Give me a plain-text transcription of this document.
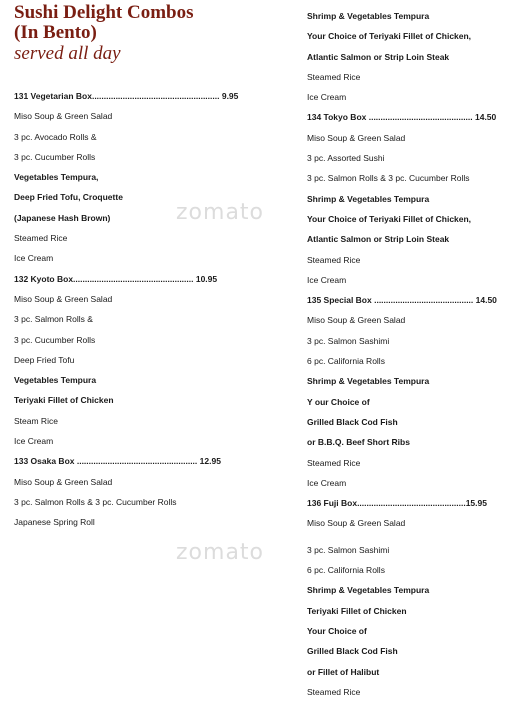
zomato
zomato
Sushi Delight Combos
(In Bento)
served all day
131 Vegetarian Box...................................................... 9.95
Miso Soup & Green Salad
3 pc. Avocado Rolls &
3 pc. Cucumber Rolls
Vegetables Tempura,
Deep Fried Tofu, Croquette
(Japanese Hash Brown)
Steamed Rice
Ice Cream
132 Kyoto Box................................................... 10.95
Miso Soup & Green Salad
3 pc. Salmon Rolls &
3 pc. Cucumber Rolls
Deep Fried Tofu
Vegetables Tempura
Teriyaki Fillet of Chicken
Steam Rice
Ice Cream
133 Osaka Box ................................................... 12.95
Miso Soup & Green Salad
3 pc. Salmon Rolls & 3 pc. Cucumber Rolls
Japanese Spring Roll
Shrimp & Vegetables Tempura
Your Choice of Teriyaki Fillet of Chicken,
Atlantic Salmon or Strip Loin Steak
Steamed Rice
Ice Cream
134 Tokyo Box ............................................ 14.50
Miso Soup & Green Salad
3 pc. Assorted Sushi
3 pc. Salmon Rolls & 3 pc. Cucumber Rolls
Shrimp & Vegetables Tempura
Your Choice of Teriyaki Fillet of Chicken,
Atlantic Salmon or Strip Loin Steak
Steamed Rice
Ice Cream
135 Special Box .......................................... 14.50
Miso Soup & Green Salad
3 pc. Salmon Sashimi
6 pc. California Rolls
Shrimp & Vegetables Tempura
Y our Choice of
Grilled Black Cod Fish
or B.B.Q. Beef Short Ribs
Steamed Rice
Ice Cream
136 Fuji Box..............................................15.95
Miso Soup & Green Salad
3 pc. Salmon Sashimi
6 pc. California Rolls
Shrimp & Vegetables Tempura
Teriyaki Fillet of Chicken
Your Choice of
Grilled Black Cod Fish
or Fillet of Halibut
Steamed Rice
